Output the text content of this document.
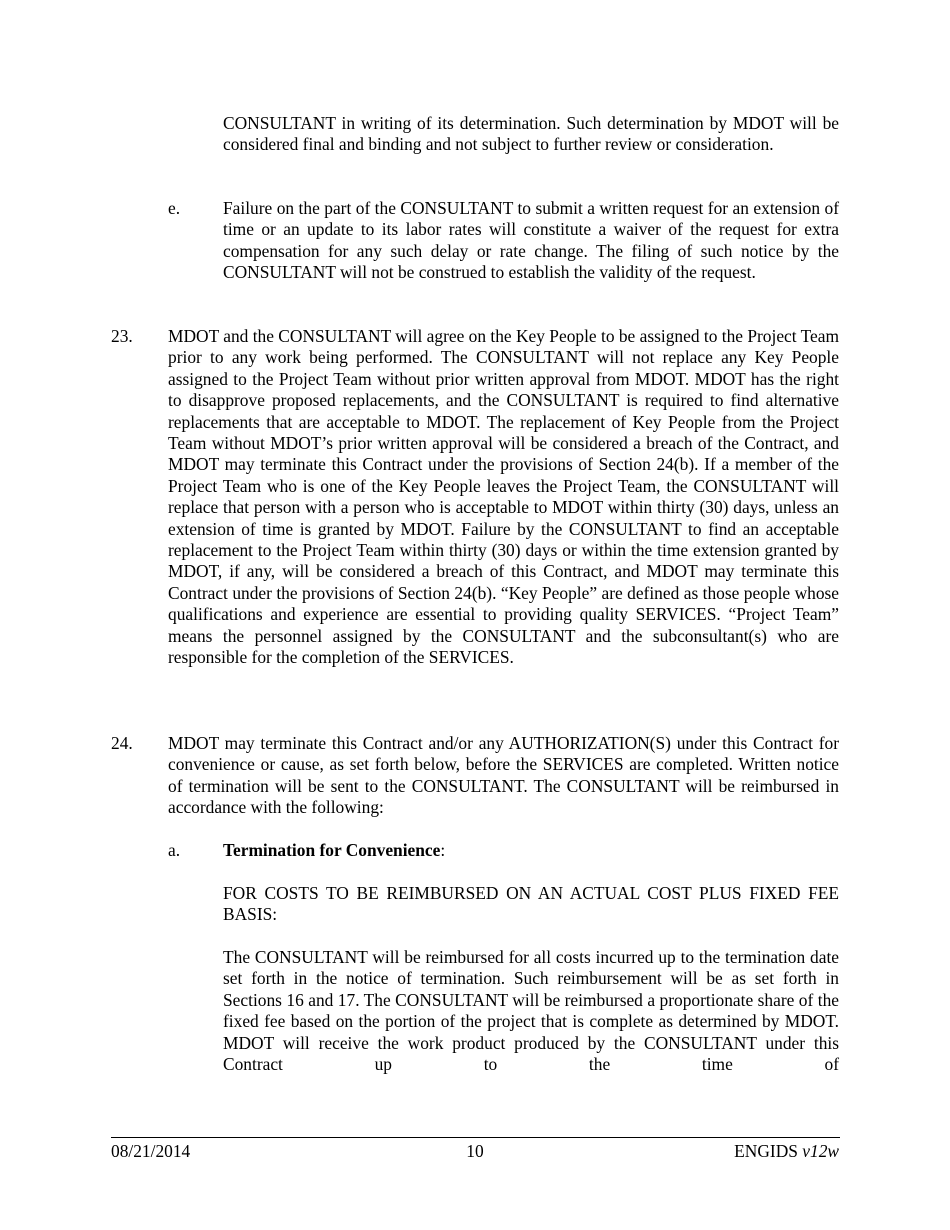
CONSULTANT in writing of its determination. Such determination by MDOT will be considered final and binding and not subject to further review or consideration.

e. Failure on the part of the CONSULTANT to submit a written request for an extension of time or an update to its labor rates will constitute a waiver of the request for extra compensation for any such delay or rate change. The filing of such notice by the CONSULTANT will not be construed to establish the validity of the request.

23. MDOT and the CONSULTANT will agree on the Key People to be assigned to the Project Team prior to any work being performed. The CONSULTANT will not replace any Key People assigned to the Project Team without prior written approval from MDOT. MDOT has the right to disapprove proposed replacements, and the CONSULTANT is required to find alternative replacements that are acceptable to MDOT. The replacement of Key People from the Project Team without MDOT’s prior written approval will be considered a breach of the Contract, and MDOT may terminate this Contract under the provisions of Section 24(b). If a member of the Project Team who is one of the Key People leaves the Project Team, the CONSULTANT will replace that person with a person who is acceptable to MDOT within thirty (30) days, unless an extension of time is granted by MDOT. Failure by the CONSULTANT to find an acceptable replacement to the Project Team within thirty (30) days or within the time extension granted by MDOT, if any, will be considered a breach of this Contract, and MDOT may terminate this Contract under the provisions of Section 24(b). “Key People” are defined as those people whose qualifications and experience are essential to providing quality SERVICES. “Project Team” means the personnel assigned by the CONSULTANT and the subconsultant(s) who are responsible for the completion of the SERVICES.

24. MDOT may terminate this Contract and/or any AUTHORIZATION(S) under this Contract for convenience or cause, as set forth below, before the SERVICES are completed. Written notice of termination will be sent to the CONSULTANT. The CONSULTANT will be reimbursed in accordance with the following:

a. Termination for Convenience:

FOR COSTS TO BE REIMBURSED ON AN ACTUAL COST PLUS FIXED FEE BASIS:

The CONSULTANT will be reimbursed for all costs incurred up to the termination date set forth in the notice of termination. Such reimbursement will be as set forth in Sections 16 and 17. The CONSULTANT will be reimbursed a proportionate share of the fixed fee based on the portion of the project that is complete as determined by MDOT. MDOT will receive the work product produced by the CONSULTANT under this Contract up to the time of

08/21/2014	10	ENGIDS v12w
